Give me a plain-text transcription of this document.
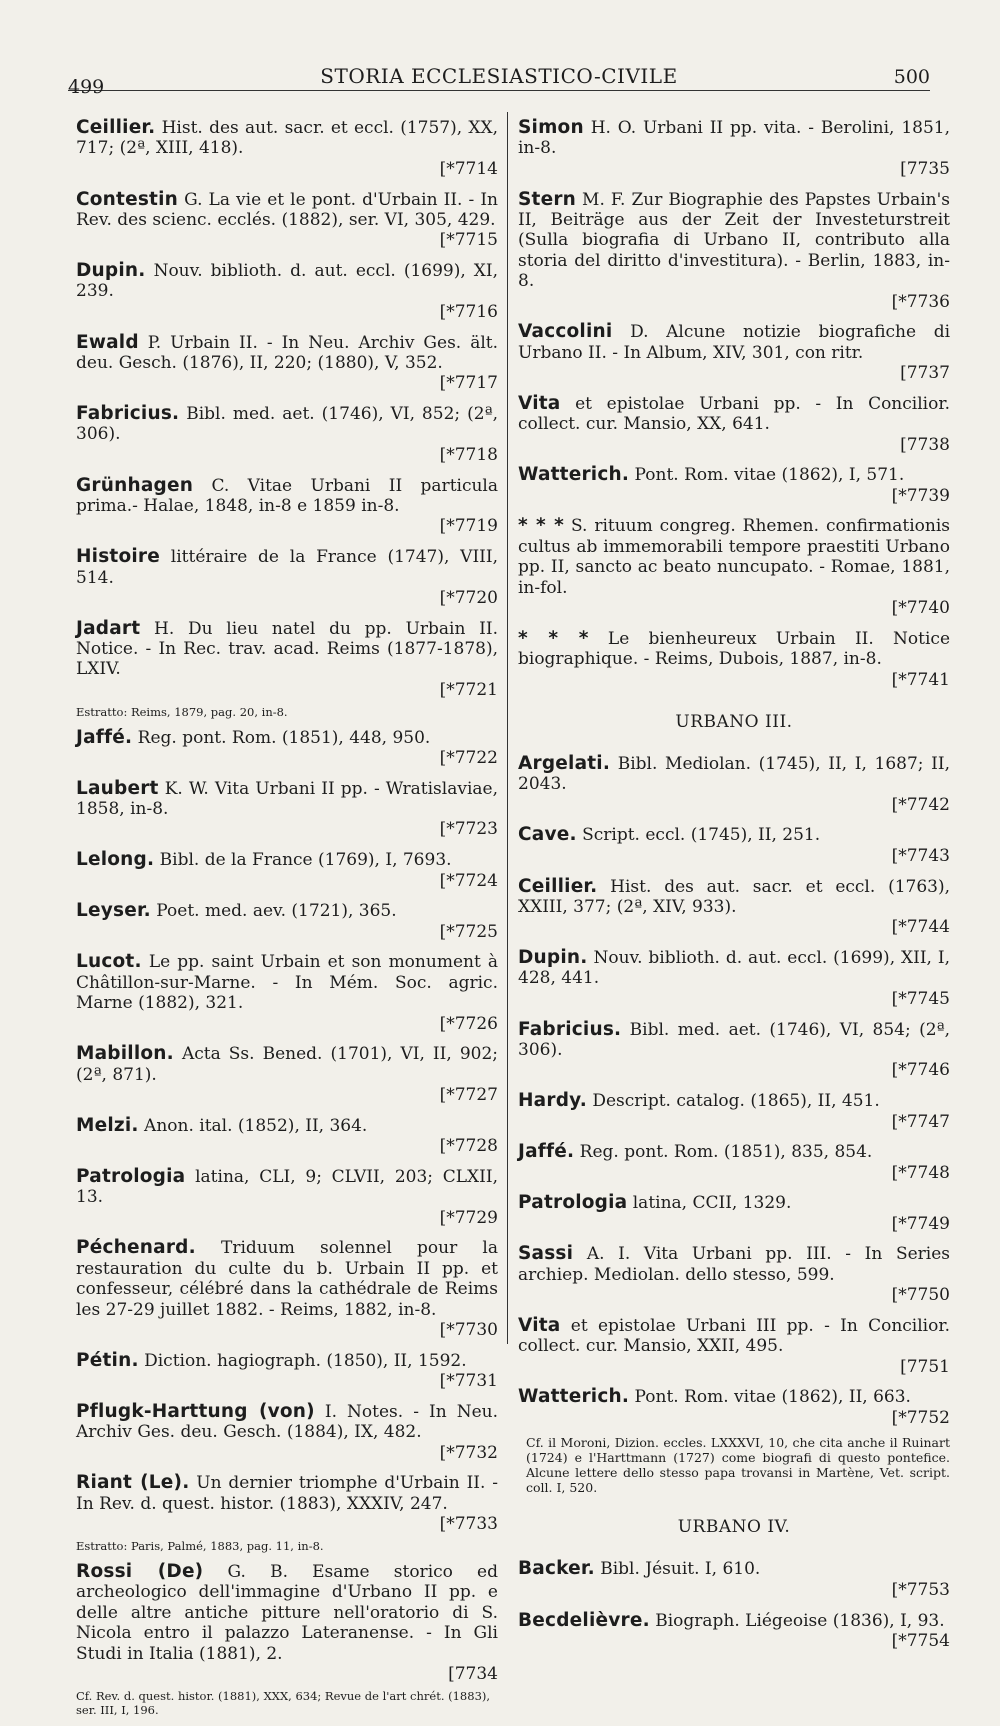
499	STORIA ECCLESIASTICO-CIVILE	500
Ceillier. Hist. des aut. sacr. et eccl. (1757), XX, 717; (2ª, XIII, 418).
[*7714
Contestin G. La vie et le pont. d'Urbain II. - In Rev. des scienc. ecclés. (1882), ser. VI, 305, 429.
[*7715
Dupin. Nouv. biblioth. d. aut. eccl. (1699), XI, 239.
[*7716
Ewald P. Urbain II. - In Neu. Archiv Ges. ält. deu. Gesch. (1876), II, 220; (1880), V, 352.
[*7717
Fabricius. Bibl. med. aet. (1746), VI, 852; (2ª, 306).
[*7718
Grünhagen C. Vitae Urbani II particula prima.- Halae, 1848, in-8 e 1859 in-8.
[*7719
Histoire littéraire de la France (1747), VIII, 514.
[*7720
Jadart H. Du lieu natel du pp. Urbain II. Notice. - In Rec. trav. acad. Reims (1877-1878), LXIV.
[*7721
Estratto: Reims, 1879, pag. 20, in-8.
Jaffé. Reg. pont. Rom. (1851), 448, 950.
[*7722
Laubert K. W. Vita Urbani II pp. - Wratislaviae, 1858, in-8.
[*7723
Lelong. Bibl. de la France (1769), I, 7693.
[*7724
Leyser. Poet. med. aev. (1721), 365.
[*7725
Lucot. Le pp. saint Urbain et son monument à Châtillon-sur-Marne. - In Mém. Soc. agric. Marne (1882), 321.
[*7726
Mabillon. Acta Ss. Bened. (1701), VI, II, 902; (2ª, 871).
[*7727
Melzi. Anon. ital. (1852), II, 364.
[*7728
Patrologia latina, CLI, 9; CLVII, 203; CLXII, 13.
[*7729
Péchenard. Triduum solennel pour la restauration du culte du b. Urbain II pp. et confesseur, célébré dans la cathédrale de Reims les 27-29 juillet 1882. - Reims, 1882, in-8.
[*7730
Pétin. Diction. hagiograph. (1850), II, 1592.
[*7731
Pflugk-Harttung (von) I. Notes. - In Neu. Archiv Ges. deu. Gesch. (1884), IX, 482.
[*7732
Riant (Le). Un dernier triomphe d'Urbain II. - In Rev. d. quest. histor. (1883), XXXIV, 247.
[*7733
Estratto: Paris, Palmé, 1883, pag. 11, in-8.
Rossi (De) G. B. Esame storico ed archeologico dell'immagine d'Urbano II pp. e delle altre antiche pitture nell'oratorio di S. Nicola entro il palazzo Lateranense. - In Gli Studi in Italia (1881), 2.
[7734
Cf. Rev. d. quest. histor. (1881), XXX, 634; Revue de l'art chrét. (1883), ser. III, I, 196.
Simon H. O. Urbani II pp. vita. - Berolini, 1851, in-8.
[7735
Stern M. F. Zur Biographie des Papstes Urbain's II, Beiträge aus der Zeit der Investeturstreit (Sulla biografia di Urbano II, contributo alla storia del diritto d'investitura). - Berlin, 1883, in-8.
[*7736
Vaccolini D. Alcune notizie biografiche di Urbano II. - In Album, XIV, 301, con ritr.
[7737
Vita et epistolae Urbani pp. - In Concilior. collect. cur. Mansio, XX, 641.
[7738
Watterich. Pont. Rom. vitae (1862), I, 571.
[*7739
* * * S. rituum congreg. Rhemen. confirmationis cultus ab immemorabili tempore praestiti Urbano pp. II, sancto ac beato nuncupato. - Romae, 1881, in-fol.
[*7740
* * * Le bienheureux Urbain II. Notice biographique. - Reims, Dubois, 1887, in-8.
[*7741
URBANO III.
Argelati. Bibl. Mediolan. (1745), II, I, 1687; II, 2043.
[*7742
Cave. Script. eccl. (1745), II, 251.
[*7743
Ceillier. Hist. des aut. sacr. et eccl. (1763), XXIII, 377; (2ª, XIV, 933).
[*7744
Dupin. Nouv. biblioth. d. aut. eccl. (1699), XII, I, 428, 441.
[*7745
Fabricius. Bibl. med. aet. (1746), VI, 854; (2ª, 306).
[*7746
Hardy. Descript. catalog. (1865), II, 451.
[*7747
Jaffé. Reg. pont. Rom. (1851), 835, 854.
[*7748
Patrologia latina, CCII, 1329.
[*7749
Sassi A. I. Vita Urbani pp. III. - In Series archiep. Mediolan. dello stesso, 599.
[*7750
Vita et epistolae Urbani III pp. - In Concilior. collect. cur. Mansio, XXII, 495.
[7751
Watterich. Pont. Rom. vitae (1862), II, 663.
[*7752
Cf. il Moroni, Dizion. eccles. LXXXVI, 10, che cita anche il Ruinart (1724) e l'Harttmann (1727) come biografi di questo pontefice. Alcune lettere dello stesso papa trovansi in Martène, Vet. script. coll. I, 520.
URBANO IV.
Backer. Bibl. Jésuit. I, 610.
[*7753
Becdelièvre. Biograph. Liégeoise (1836), I, 93.
[*7754
